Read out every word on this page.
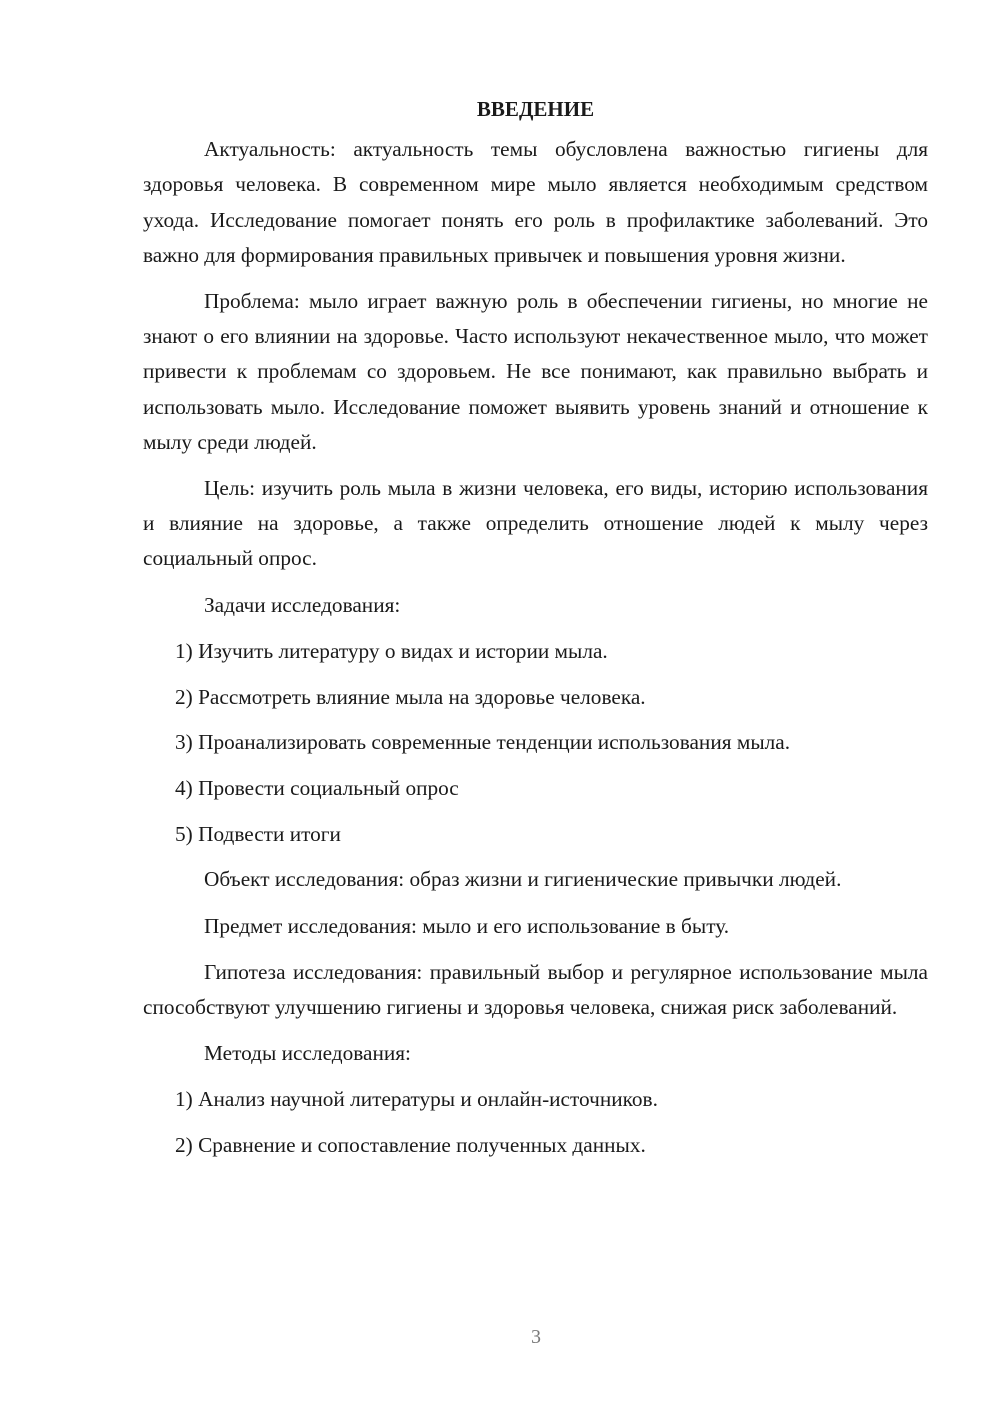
ВВЕДЕНИЕ

Актуальность: актуальность темы обусловлена важностью гигиены для здоровья человека. В современном мире мыло является необходимым средством ухода. Исследование помогает понять его роль в профилактике заболеваний. Это важно для формирования правильных привычек и повышения уровня жизни.

Проблема: мыло играет важную роль в обеспечении гигиены, но многие не знают о его влиянии на здоровье. Часто используют некачественное мыло, что может привести к проблемам со здоровьем. Не все понимают, как правильно выбрать и использовать мыло. Исследование поможет выявить уровень знаний и отношение к мылу среди людей.

Цель: изучить роль мыла в жизни человека, его виды, историю использования и влияние на здоровье, а также определить отношение людей к мылу через социальный опрос.

Задачи исследования:

1) Изучить литературу о видах и истории мыла.
2) Рассмотреть влияние мыла на здоровье человека.
3) Проанализировать современные тенденции использования мыла.
4) Провести социальный опрос
5) Подвести итоги

Объект исследования: образ жизни и гигиенические привычки людей.

Предмет исследования: мыло и его использование в быту.

Гипотеза исследования: правильный выбор и регулярное использование мыла способствуют улучшению гигиены и здоровья человека, снижая риск заболеваний.

Методы исследования:

1) Анализ научной литературы и онлайн-источников.
2) Сравнение и сопоставление полученных данных.
3
